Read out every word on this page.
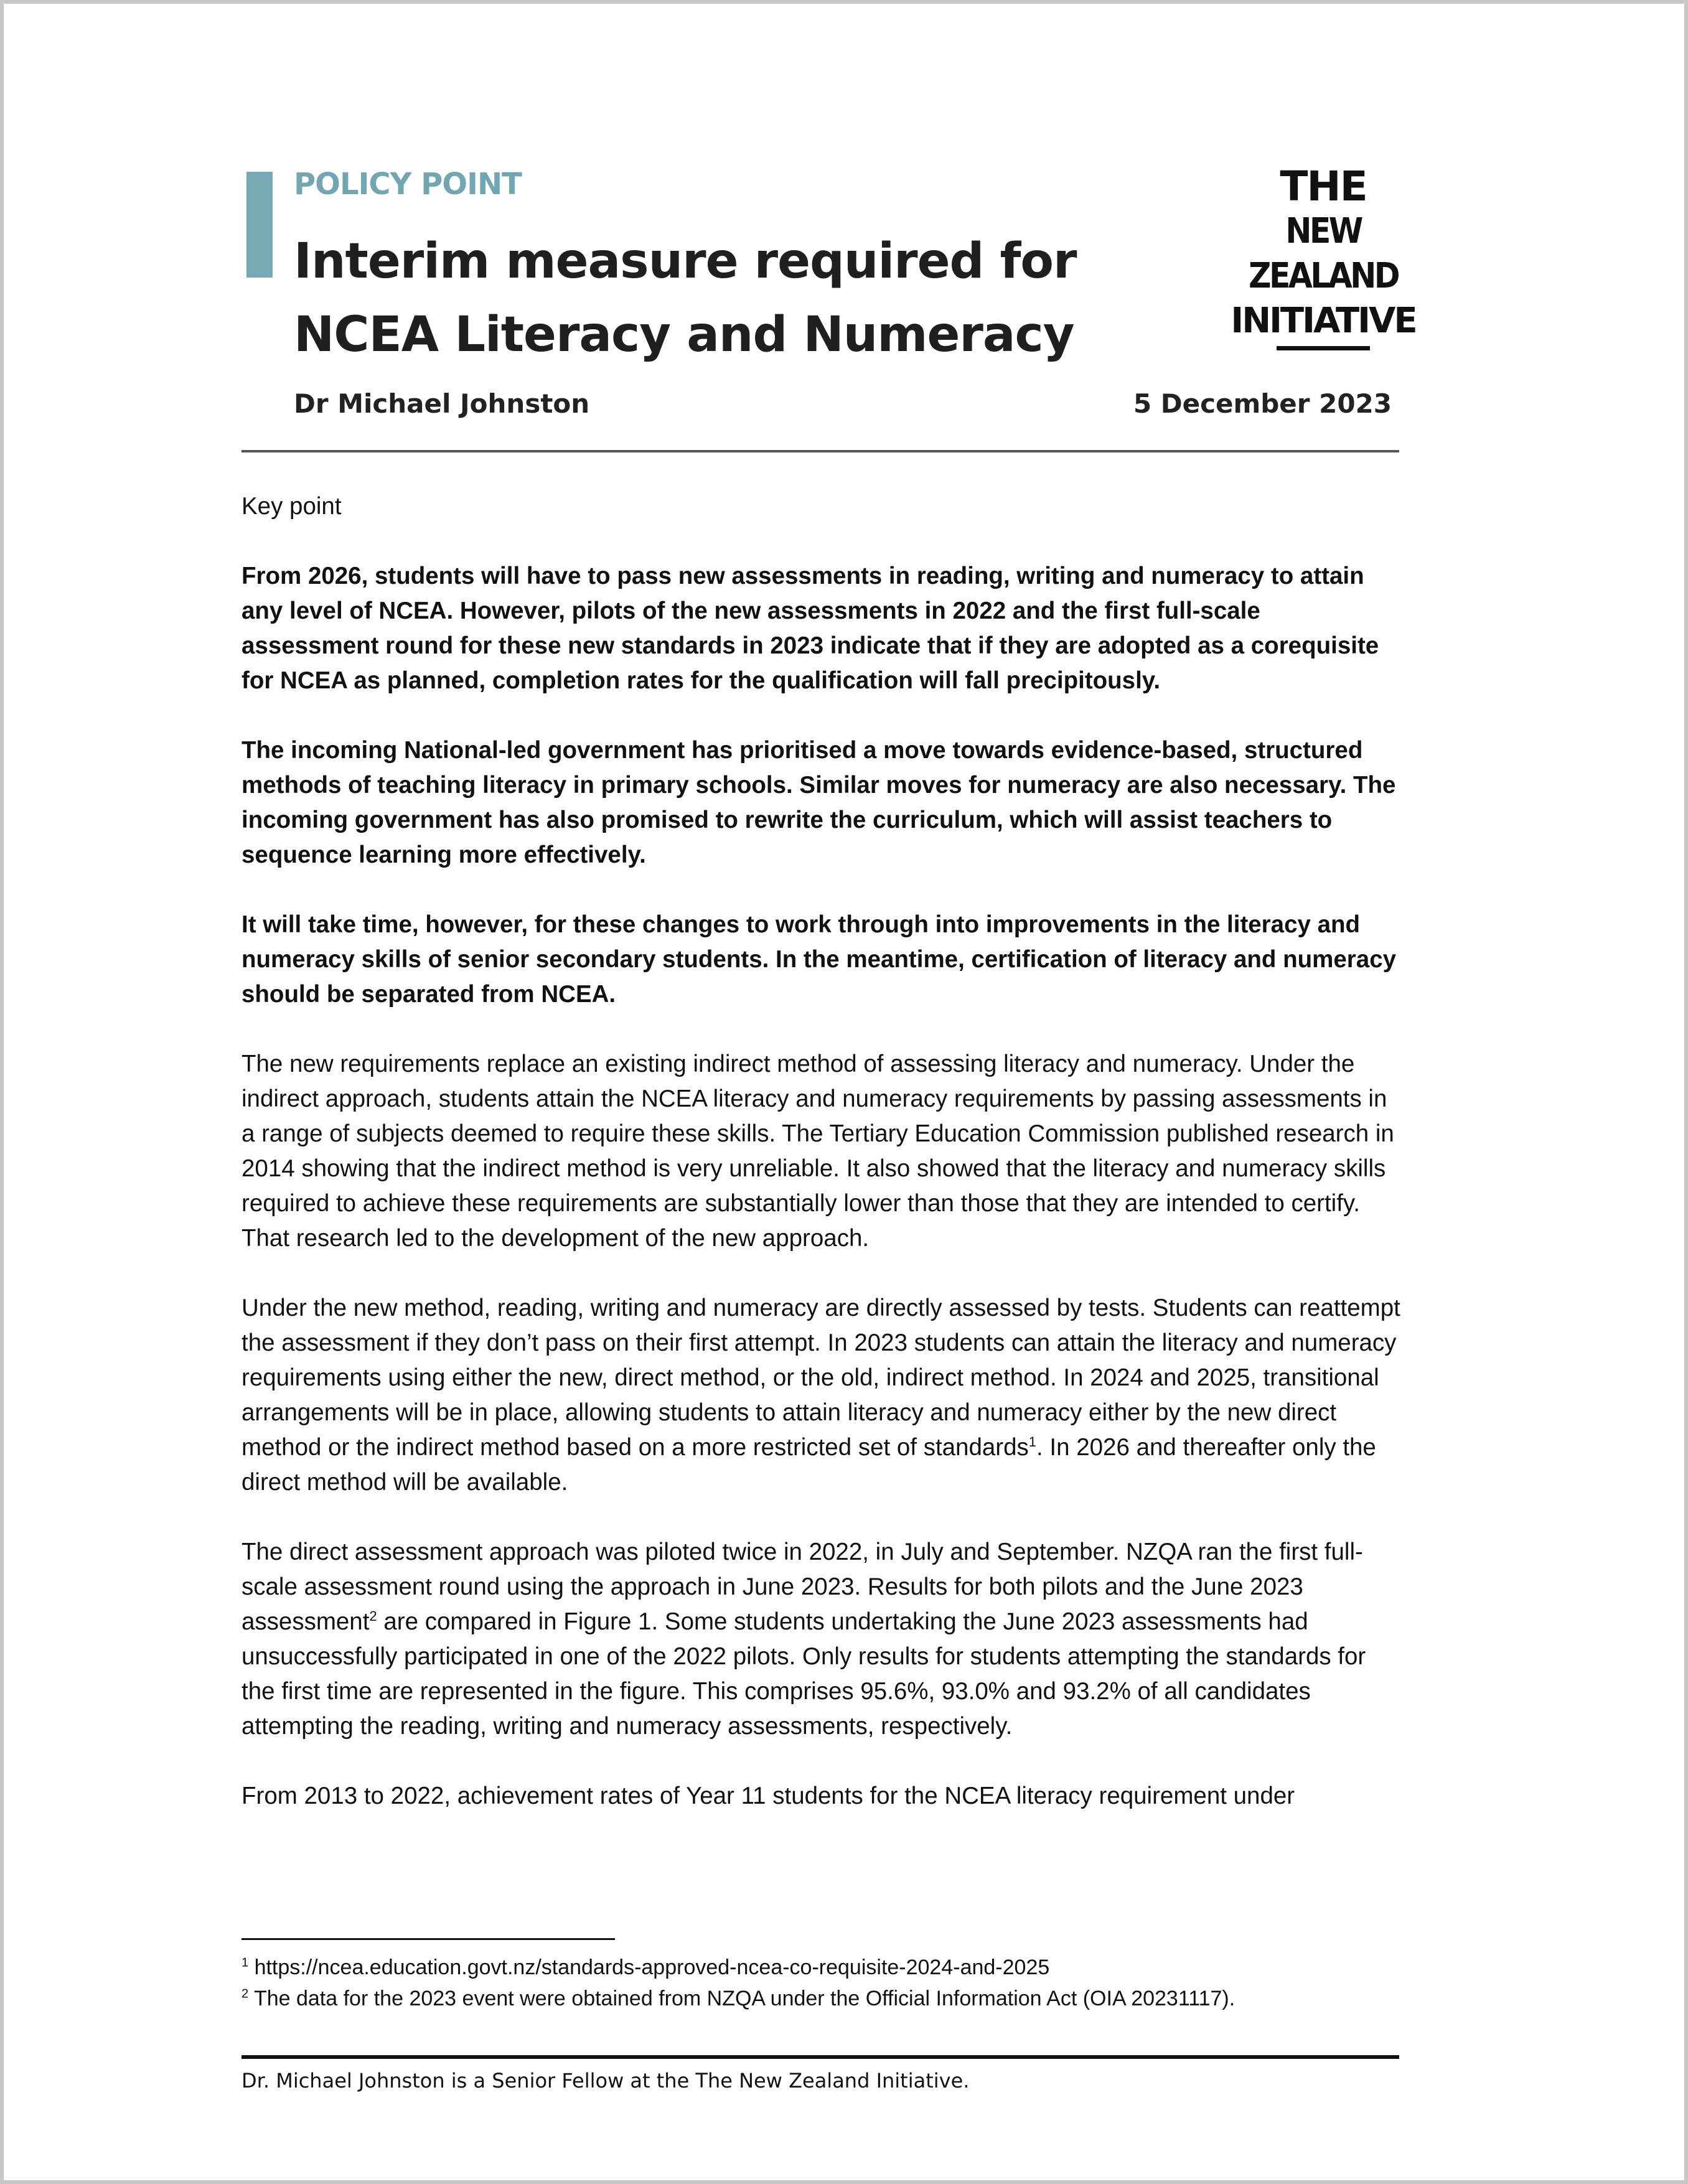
POLICY POINT
Interim measure required for NCEA Literacy and Numeracy
THE
NEW ZEALAND
INITIATIVE
Dr Michael Johnston	5 December 2023

Key point

From 2026, students will have to pass new assessments in reading, writing and numeracy to attain any level of NCEA. However, pilots of the new assessments in 2022 and the first full-scale assessment round for these new standards in 2023 indicate that if they are adopted as a corequisite for NCEA as planned, completion rates for the qualification will fall precipitously.

The incoming National-led government has prioritised a move towards evidence-based, structured methods of teaching literacy in primary schools. Similar moves for numeracy are also necessary. The incoming government has also promised to rewrite the curriculum, which will assist teachers to sequence learning more effectively.

It will take time, however, for these changes to work through into improvements in the literacy and numeracy skills of senior secondary students. In the meantime, certification of literacy and numeracy should be separated from NCEA.

The new requirements replace an existing indirect method of assessing literacy and numeracy. Under the indirect approach, students attain the NCEA literacy and numeracy requirements by passing assessments in a range of subjects deemed to require these skills. The Tertiary Education Commission published research in 2014 showing that the indirect method is very unreliable. It also showed that the literacy and numeracy skills required to achieve these requirements are substantially lower than those that they are intended to certify. That research led to the development of the new approach.

Under the new method, reading, writing and numeracy are directly assessed by tests. Students can reattempt the assessment if they don’t pass on their first attempt. In 2023 students can attain the literacy and numeracy requirements using either the new, direct method, or the old, indirect method. In 2024 and 2025, transitional arrangements will be in place, allowing students to attain literacy and numeracy either by the new direct method or the indirect method based on a more restricted set of standards$^1$. In 2026 and thereafter only the direct method will be available.

The direct assessment approach was piloted twice in 2022, in July and September. NZQA ran the first full-scale assessment round using the approach in June 2023. Results for both pilots and the June 2023 assessment$^2$ are compared in Figure 1. Some students undertaking the June 2023 assessments had unsuccessfully participated in one of the 2022 pilots. Only results for students attempting the standards for the first time are represented in the figure. This comprises 95.6%, 93.0% and 93.2% of all candidates attempting the reading, writing and numeracy assessments, respectively.

From 2013 to 2022, achievement rates of Year 11 students for the NCEA literacy requirement under

$^1$ https://ncea.education.govt.nz/standards-approved-ncea-co-requisite-2024-and-2025
$^2$ The data for the 2023 event were obtained from NZQA under the Official Information Act (OIA 20231117).
Dr. Michael Johnston is a Senior Fellow at the The New Zealand Initiative.
